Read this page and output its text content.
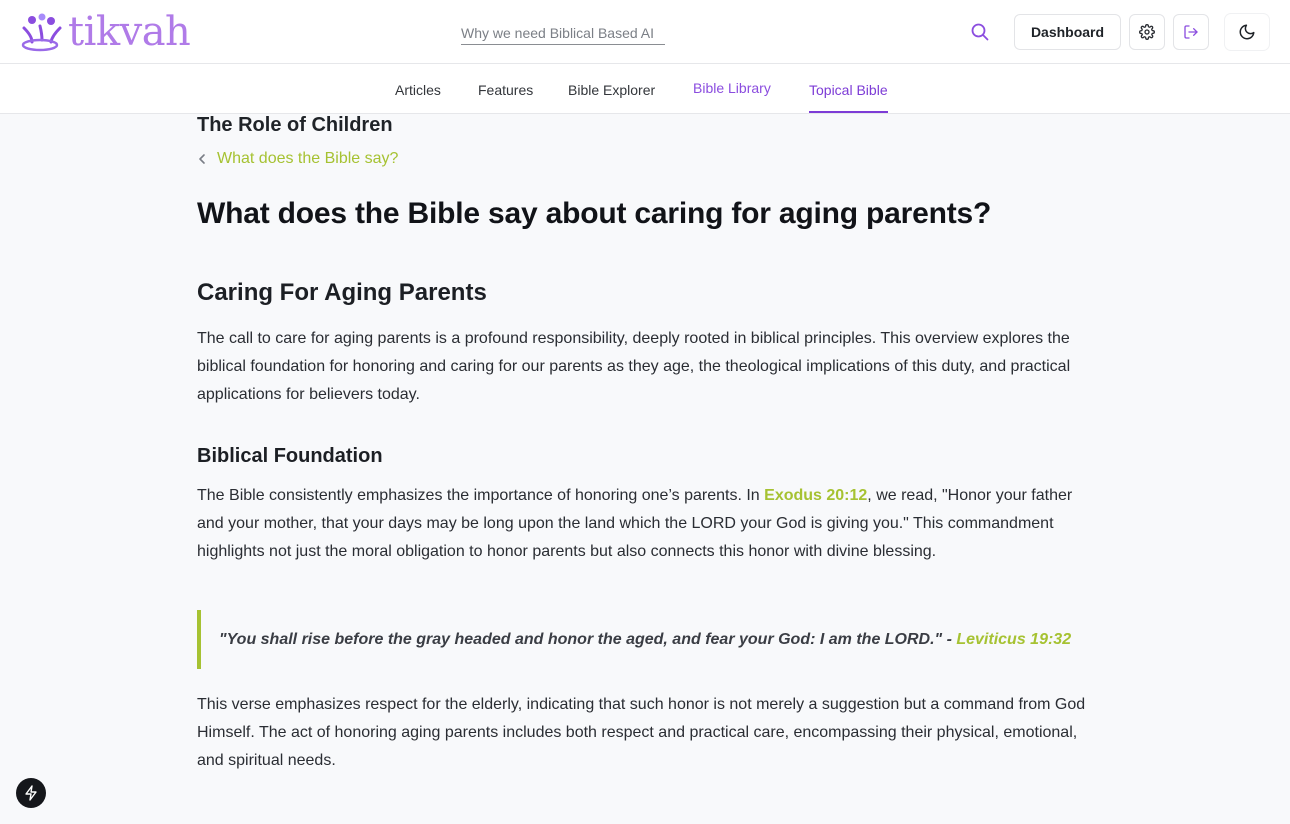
tikvah
Why we need Biblical Based AI	Dashboard
Articles	Features Bible Explorer	Bible Library	Topical Bible
What does the Bible say?
What does the Bible say about caring for aging parents?
Caring For Aging Parents

The call to care for aging parents is a profound responsibility, deeply rooted in biblical principles. This overview explores the biblical foundation for honoring and caring for our parents as they age, the theological implications of this duty, and practical applications for believers today.

Biblical Foundation

The Bible consistently emphasizes the importance of honoring one’s parents. In Exodus 20:12, we read, "Honor your father and your mother, that your days may be long upon the land which the LORD your God is giving you." This commandment highlights not just the moral obligation to honor parents but also connects this honor with divine blessing.

"You shall rise before the gray headed and honor the aged, and fear your God: I am the LORD." - Leviticus 19:32

This verse emphasizes respect for the elderly, indicating that such honor is not merely a suggestion but a command from God Himself. The act of honoring aging parents includes both respect and practical care, encompassing their physical, emotional, and spiritual needs.

The Role of Children
